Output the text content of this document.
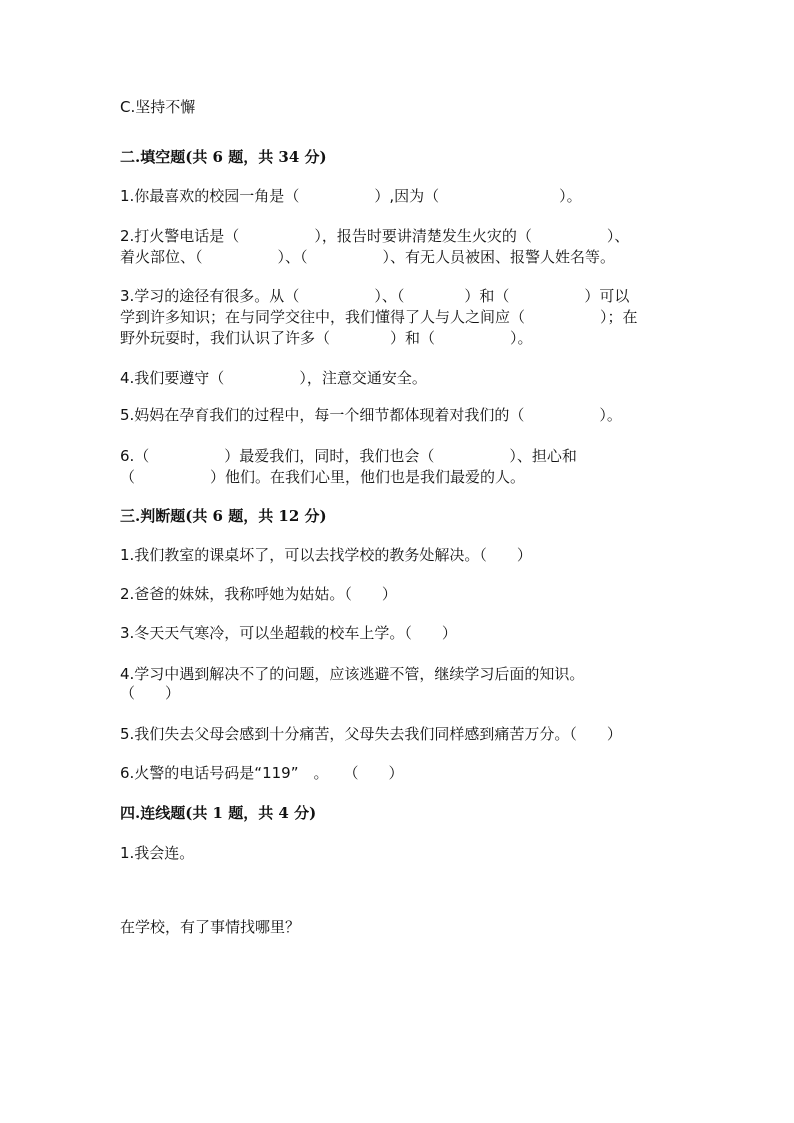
C.坚持不懈
二.填空题(共 6 题，共 34 分)
1.你最喜欢的校园一角是（　　　　　）,因为（　　　　　　　　）。
2.打火警电话是（　　　　　），报告时要讲清楚发生火灾的（　　　　　）、
着火部位、（　　　　　）、（　　　　　）、有无人员被困、报警人姓名等。
3.学习的途径有很多。从（　　　　　）、（　　　　）和（　　　　　）可以
学到许多知识；在与同学交往中，我们懂得了人与人之间应（　　　　　）；在
野外玩耍时，我们认识了许多（　　　　）和（　　　　　）。
4.我们要遵守（　　　　　），注意交通安全。
5.妈妈在孕育我们的过程中，每一个细节都体现着对我们的（　　　　　）。
6.（　　　　　）最爱我们，同时，我们也会（　　　　　）、担心和
（　　　　　）他们。在我们心里，他们也是我们最爱的人。
三.判断题(共 6 题，共 12 分)
1.我们教室的课桌坏了，可以去找学校的教务处解决。（　　）
2.爸爸的妹妹，我称呼她为姑姑。（　　）
3.冬天天气寒冷，可以坐超载的校车上学。（　　）
4.学习中遇到解决不了的问题，应该逃避不管，继续学习后面的知识。
（　　）
5.我们失去父母会感到十分痛苦，父母失去我们同样感到痛苦万分。（　　）
6.火警的电话号码是“119”　。　　（　　）
四.连线题(共 1 题，共 4 分)
1.我会连。
在学校，有了事情找哪里？
